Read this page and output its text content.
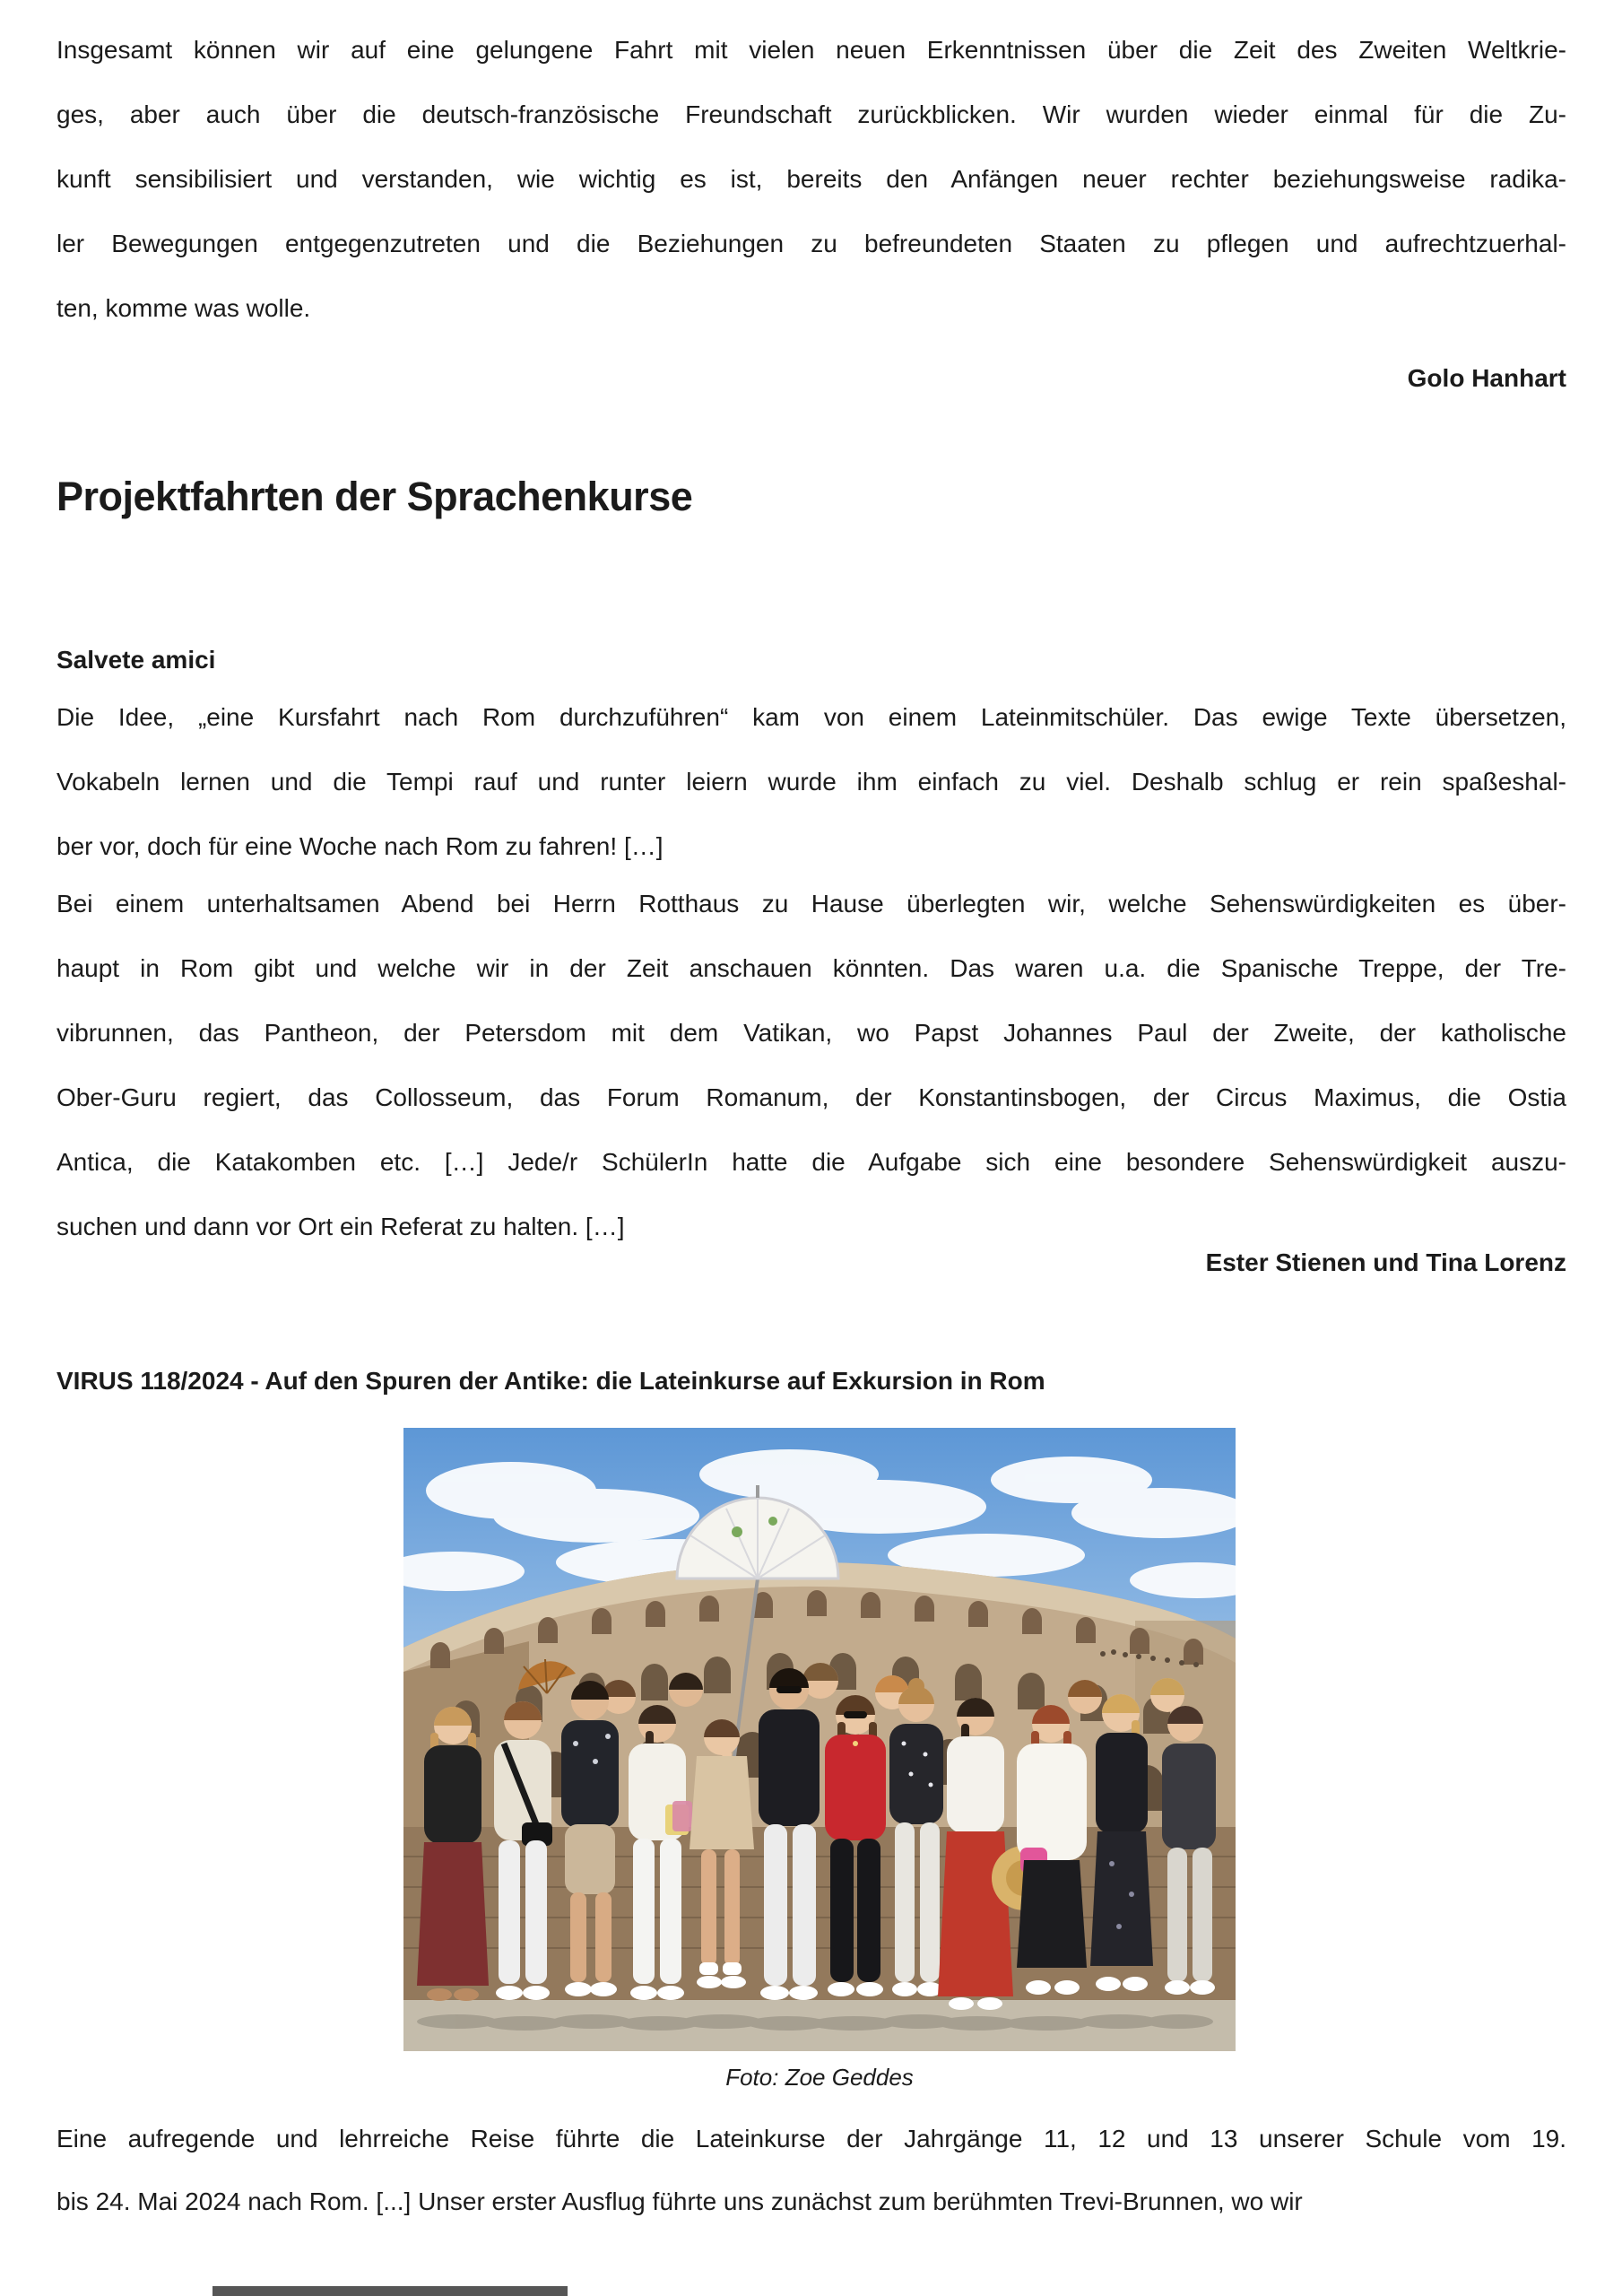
Insgesamt können wir auf eine gelungene Fahrt mit vielen neuen Erkenntnissen über die Zeit des Zweiten Weltkrie-
ges, aber auch über die deutsch-französische Freundschaft zurückblicken. Wir wurden wieder einmal für die Zu-
kunft sensibilisiert und verstanden, wie wichtig es ist, bereits den Anfängen neuer rechter beziehungsweise radika-
ler Bewegungen entgegenzutreten und die Beziehungen zu befreundeten Staaten zu pflegen und aufrechtzuerhal-
ten, komme was wolle.
Golo Hanhart
Projektfahrten der Sprachenkurse
Salvete amici
Die Idee, „eine Kursfahrt nach Rom durchzuführen“ kam von einem Lateinmitschüler. Das ewige Texte übersetzen,
Vokabeln lernen und die Tempi rauf und runter leiern wurde ihm einfach zu viel. Deshalb schlug er rein spaßeshal-
ber vor, doch für eine Woche nach Rom zu fahren! […]
Bei einem unterhaltsamen Abend bei Herrn Rotthaus zu Hause überlegten wir, welche Sehenswürdigkeiten es über-
haupt in Rom gibt und welche wir in der Zeit anschauen könnten. Das waren u.a. die Spanische Treppe, der Tre-
vibrunnen, das Pantheon, der Petersdom mit dem Vatikan, wo Papst Johannes Paul der Zweite, der katholische
Ober-Guru regiert, das Collosseum, das Forum Romanum, der Konstantinsbogen, der Circus Maximus, die Ostia
Antica, die Katakomben etc. […] Jede/r SchülerIn hatte die Aufgabe sich eine besondere Sehenswürdigkeit auszu-
suchen und dann vor Ort ein Referat zu halten. […]
Ester Stienen und Tina Lorenz
VIRUS 118/2024 - Auf den Spuren der Antike: die Lateinkurse auf Exkursion in Rom
Foto: Zoe Geddes
Eine aufregende und lehrreiche Reise führte die Lateinkurse der Jahrgänge 11, 12 und 13 unserer Schule vom 19.
bis 24. Mai 2024 nach Rom. [...] Unser erster Ausflug führte uns zunächst zum berühmten Trevi-Brunnen, wo wir
